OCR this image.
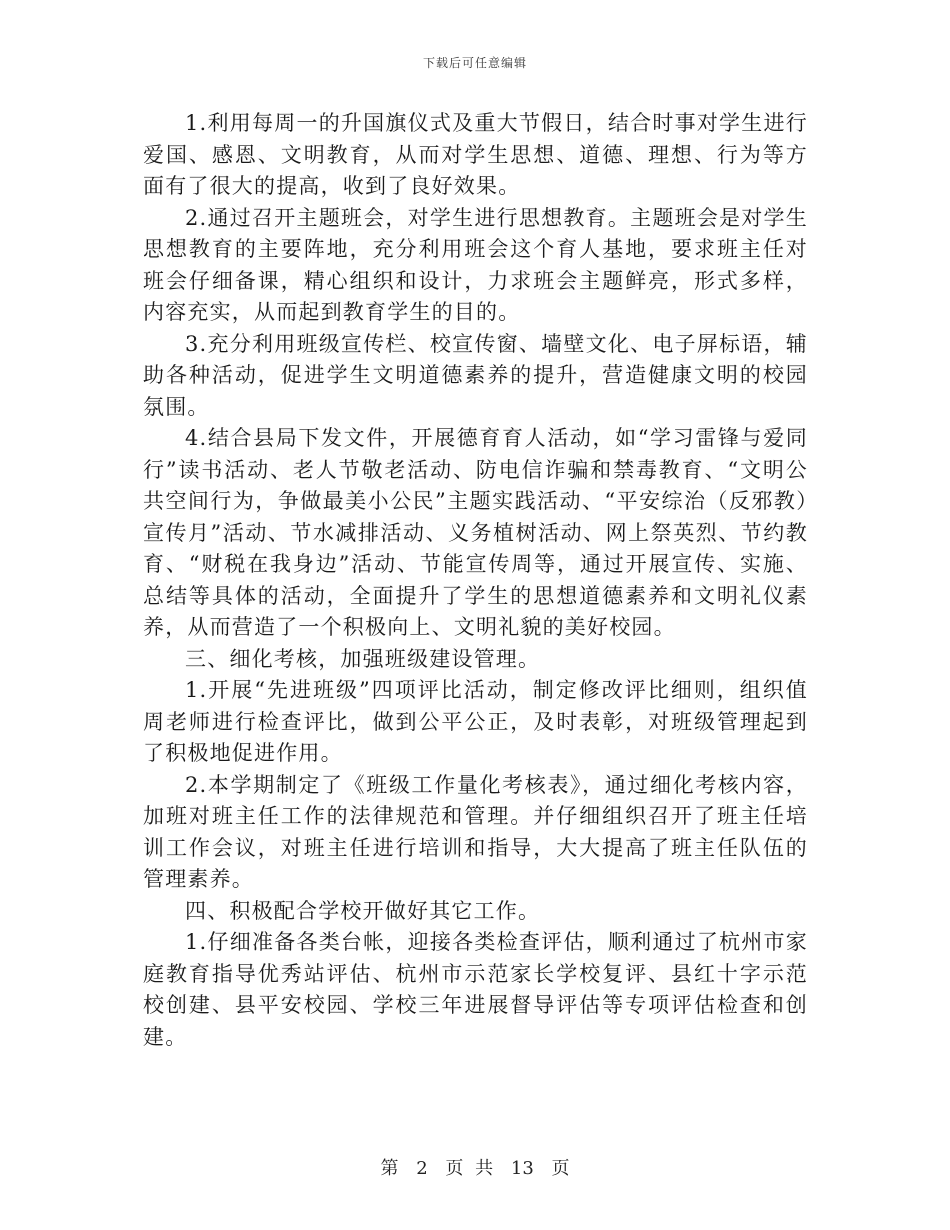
下载后可任意编辑

1.利用每周一的升国旗仪式及重大节假日，结合时事对学生进行爱国、感恩、文明教育，从而对学生思想、道德、理想、行为等方面有了很大的提高，收到了良好效果。

2.通过召开主题班会，对学生进行思想教育。主题班会是对学生思想教育的主要阵地，充分利用班会这个育人基地，要求班主任对班会仔细备课，精心组织和设计，力求班会主题鲜亮，形式多样，内容充实，从而起到教育学生的目的。

3.充分利用班级宣传栏、校宣传窗、墙壁文化、电子屏标语，辅助各种活动，促进学生文明道德素养的提升，营造健康文明的校园氛围。

4.结合县局下发文件，开展德育育人活动，如“学习雷锋与爱同行”读书活动、老人节敬老活动、防电信诈骗和禁毒教育、“文明公共空间行为，争做最美小公民”主题实践活动、“平安综治（反邪教）宣传月”活动、节水减排活动、义务植树活动、网上祭英烈、节约教育、“财税在我身边”活动、节能宣传周等，通过开展宣传、实施、总结等具体的活动，全面提升了学生的思想道德素养和文明礼仪素养，从而营造了一个积极向上、文明礼貌的美好校园。

三、细化考核，加强班级建设管理。

1.开展“先进班级”四项评比活动，制定修改评比细则，组织值周老师进行检查评比，做到公平公正，及时表彰，对班级管理起到了积极地促进作用。

2.本学期制定了《班级工作量化考核表》，通过细化考核内容，加班对班主任工作的法律规范和管理。并仔细组织召开了班主任培训工作会议，对班主任进行培训和指导，大大提高了班主任队伍的管理素养。

四、积极配合学校开做好其它工作。

1.仔细准备各类台帐，迎接各类检查评估，顺利通过了杭州市家庭教育指导优秀站评估、杭州市示范家长学校复评、县红十字示范校创建、县平安校园、学校三年进展督导评估等专项评估检查和创建。

第 2 页 共 13 页
